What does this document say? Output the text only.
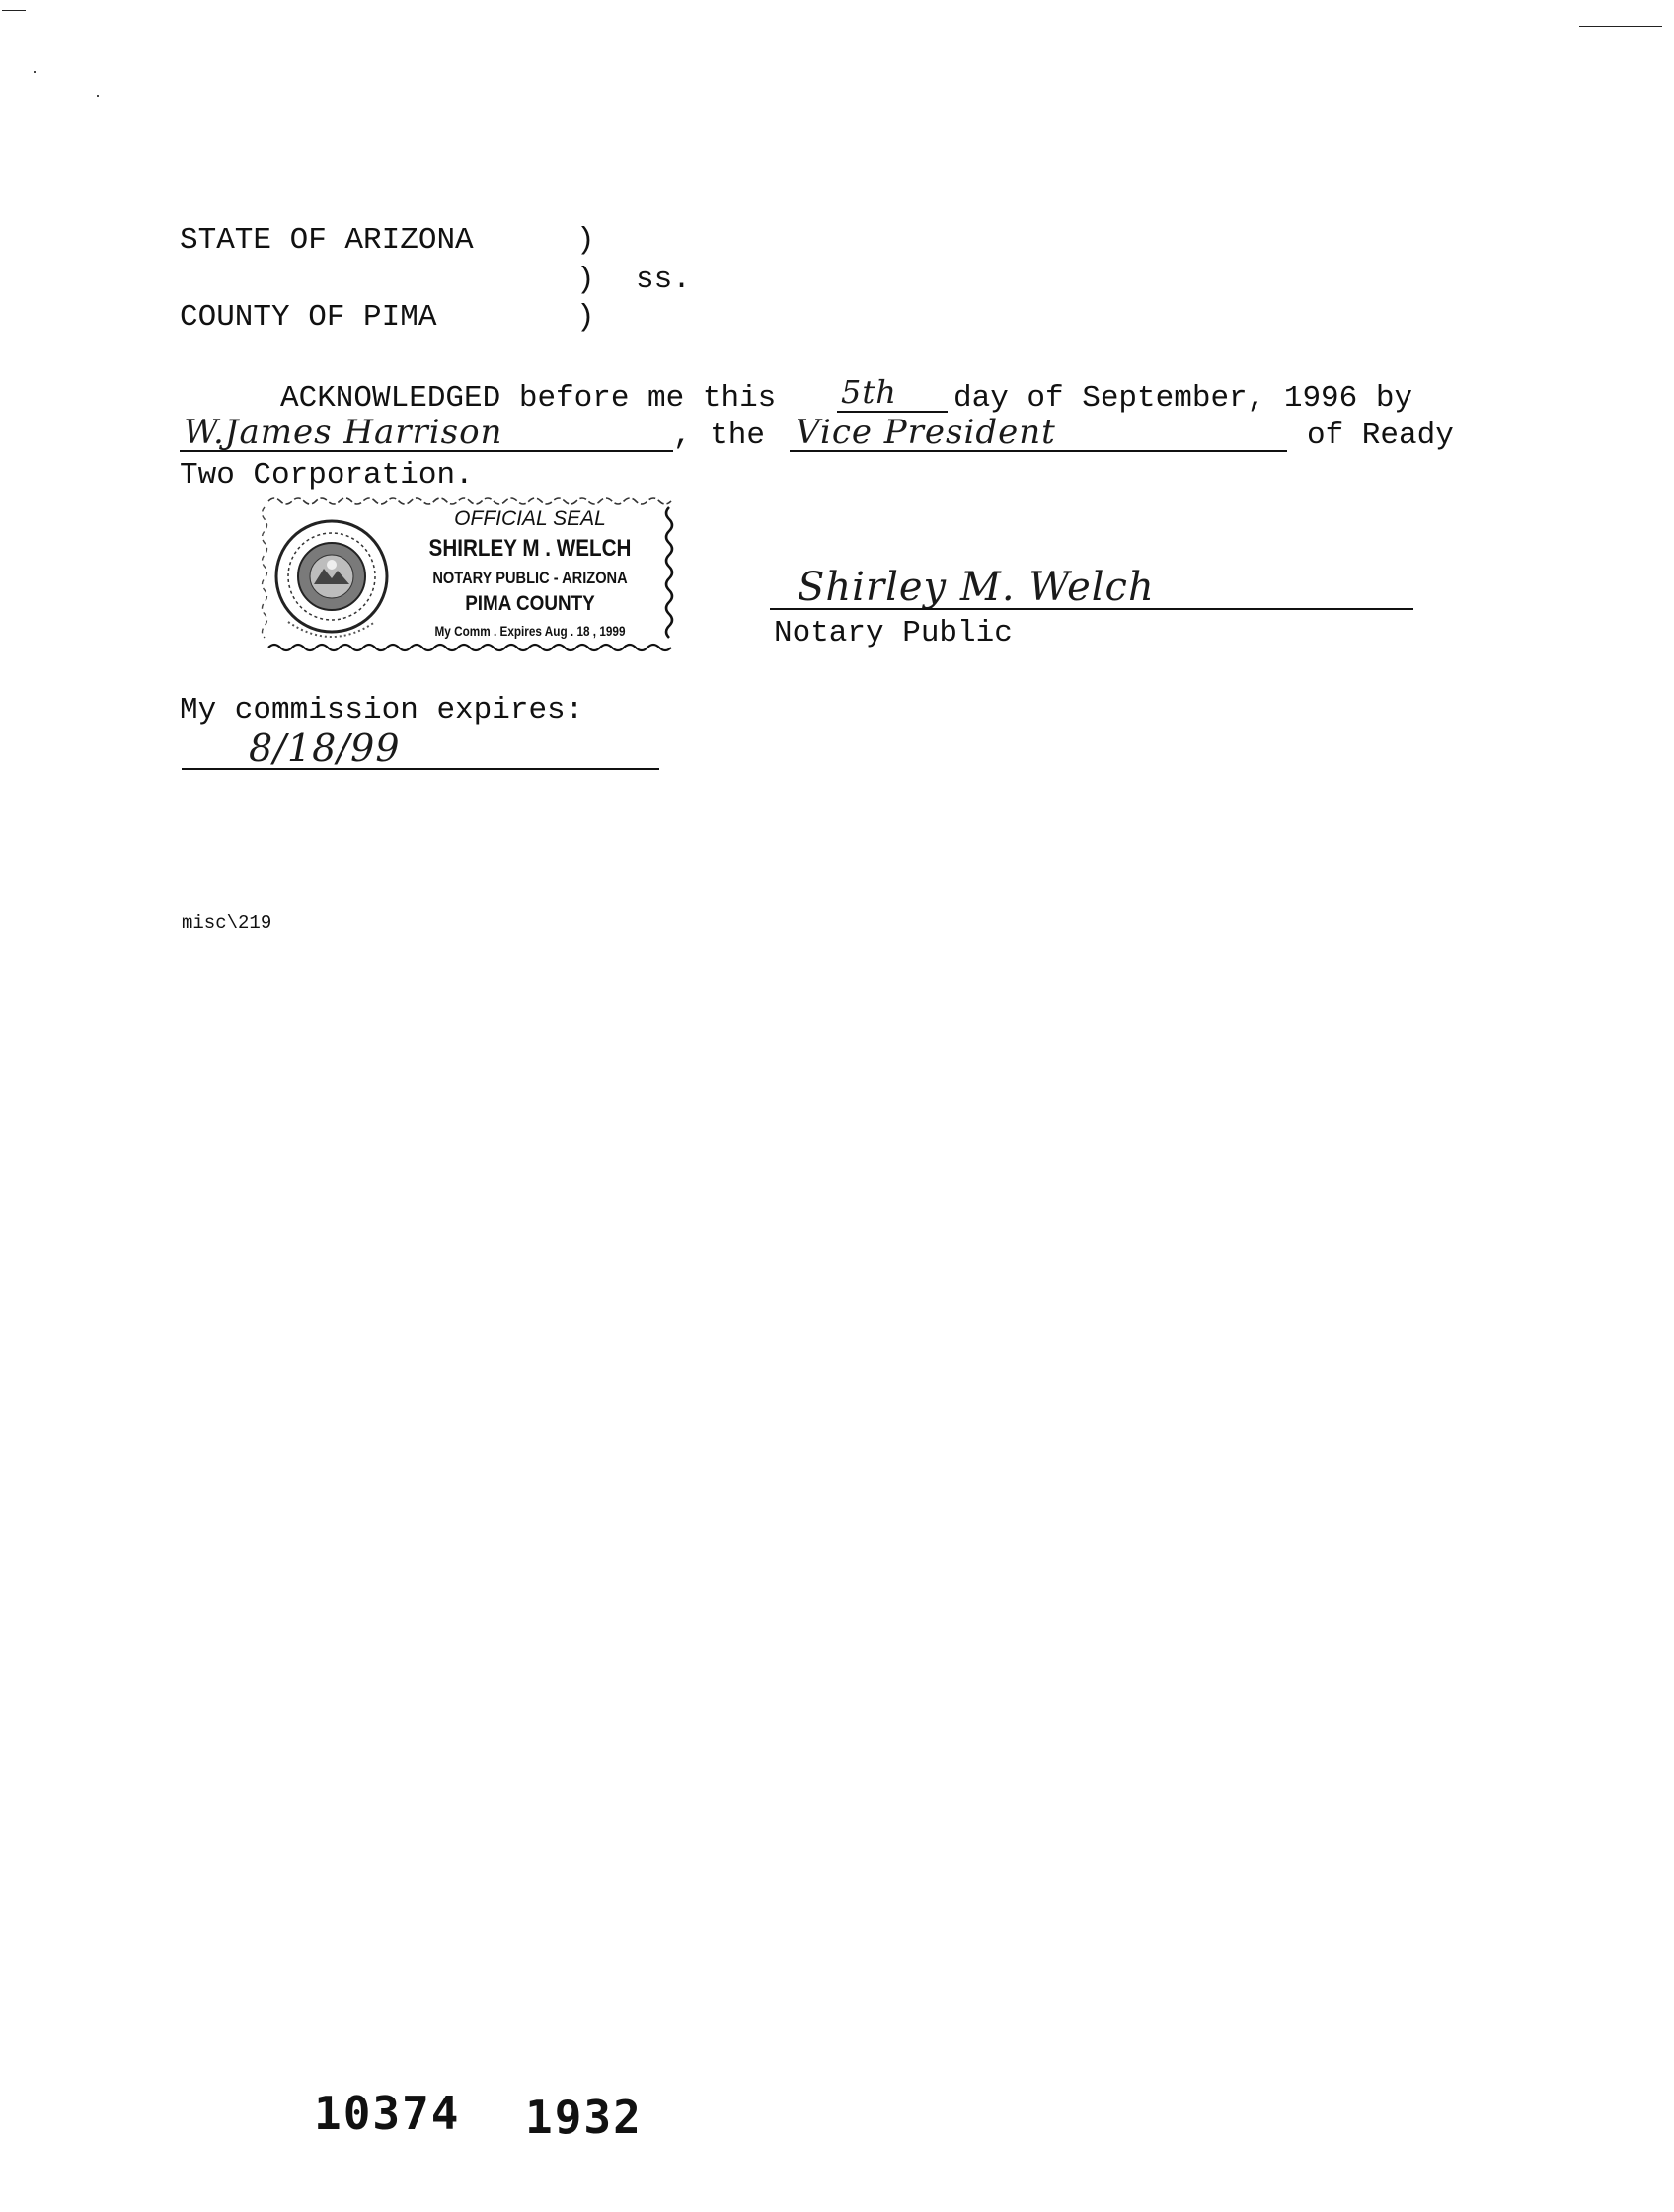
STATE OF ARIZONA	)
) ss.
COUNTY OF PIMA	)
ACKNOWLEDGED before me this 5th day of September, 1996 by
W.James Harrison	, the Vice President	of Ready
Two Corporation.
OFFICIAL SEAL
SHIRLEY M . WELCH
NOTARY PUBLIC - ARIZONA
PIMA COUNTY
My Comm . Expires Aug . 18 , 1999
Shirley M. Welch
Notary Public
My commission expires:
8/18/99
misc\219
10374 1932
